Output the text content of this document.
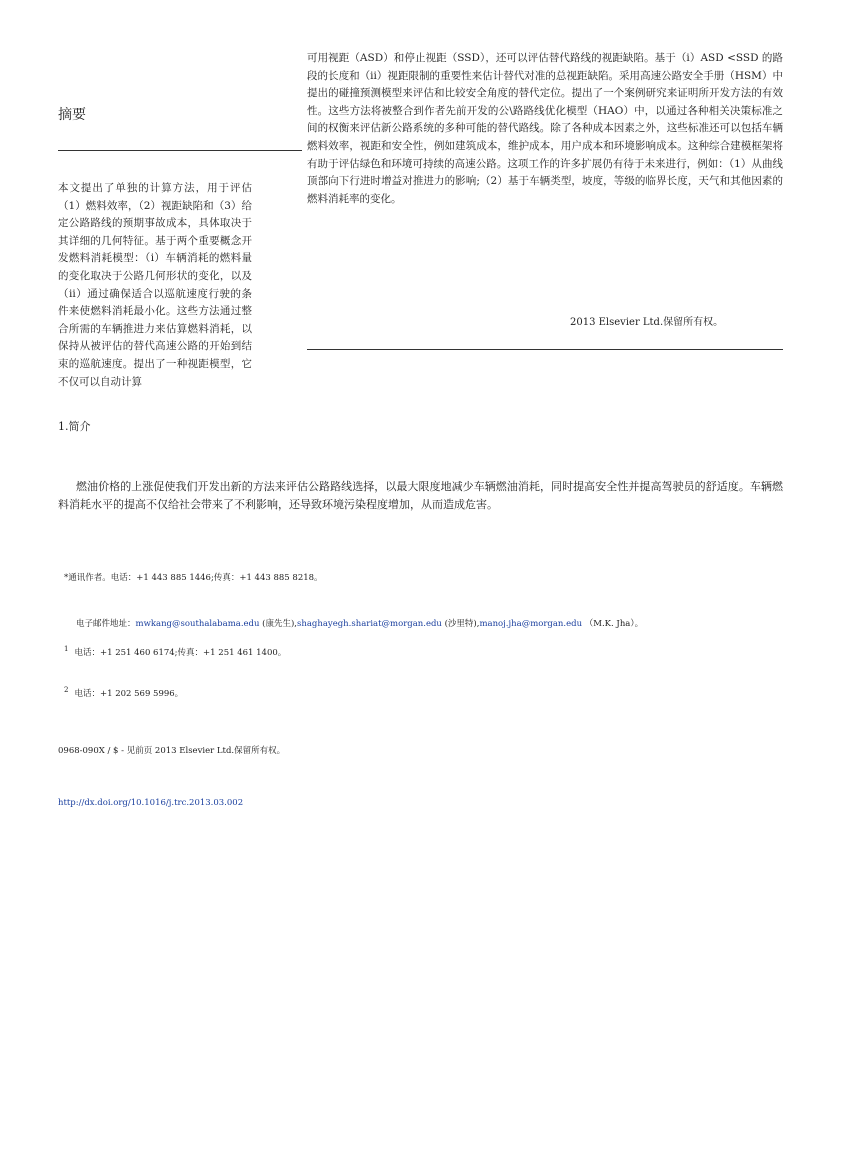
摘要
可用视距（ASD）和停止视距（SSD），还可以评估替代路线的视距缺陷。基于（i）ASD <SSD 的路段的长度和（ii）视距限制的重要性来估计替代对准的总视距缺陷。采用高速公路安全手册（HSM）中提出的碰撞预测模型来评估和比较安全角度的替代定位。提出了一个案例研究来证明所开发方法的有效性。这些方法将被整合到作者先前开发的公\路路线优化模型（HAO）中，以通过各种相关决策标准之间的权衡来评估新公路系统的多种可能的替代路线。除了各种成本因素之外，这些标准还可以包括车辆燃料效率，视距和安全性，例如建筑成本，维护成本，用户成本和环境影响成本。这种综合建模框架将有助于评估绿色和环境可持续的高速公路。这项工作的许多扩展仍有待于未来进行，例如：（1）从曲线顶部向下行进时增益对推进力的影响;（2）基于车辆类型，坡度，等级的临界长度，天气和其他因素的燃料消耗率的变化。
本文提出了单独的计算方法，用于评估（1）燃料效率，（2）视距缺陷和（3）给定公路路线的预期事故成本，具体取决于其详细的几何特征。基于两个重要概念开发燃料消耗模型：（i）车辆消耗的燃料量的变化取决于公路几何形状的变化，以及（ii）通过确保适合以巡航速度行驶的条件来使燃料消耗最小化。这些方法通过整合所需的车辆推进力来估算燃料消耗，以保持从被评估的替代高速公路的开始到结束的巡航速度。提出了一种视距模型，它不仅可以自动计算
2013 Elsevier Ltd.保留所有权。
1.简介
燃油价格的上涨促使我们开发出新的方法来评估公路路线选择，以最大限度地减少车辆燃油消耗，同时提高安全性并提高驾驶员的舒适度。车辆燃料消耗水平的提高不仅给社会带来了不利影响，还导致环境污染程度增加，从而造成危害。
*通讯作者。电话：+1 443 885 1446;传真：+1 443 885 8218。
电子邮件地址：mwkang@southalabama.edu (康先生),shaghayegh.shariat@morgan.edu (沙里特),manoj.jha@morgan.edu （M.K. Jha）。
$^1$ 电话：+1 251 460 6174;传真：+1 251 461 1400。
$^2$ 电话：+1 202 569 5996。
0968-090X / $ - 见前页 2013 Elsevier Ltd.保留所有权。
http://dx.doi.org/10.1016/j.trc.2013.03.002
